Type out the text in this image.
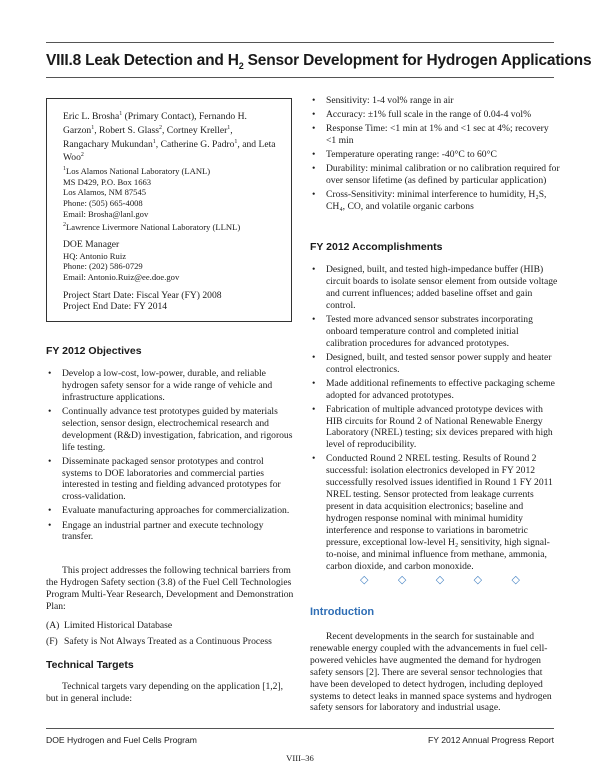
VIII.8 Leak Detection and $H_2$ Sensor Development for Hydrogen Applications

Eric L. Brosha$^1$ (Primary Contact), Fernando H. Garzon$^1$, Robert S. Glass$^2$, Cortney Kreller$^1$, Rangachary Mukundan$^1$, Catherine G. Padro$^1$, and Leta Woo$^2$

$^1$Los Alamos National Laboratory (LANL)

MS D429, P.O. Box 1663

Los Alamos, NM 87545

Phone: (505) 665-4008

Email: Brosha@lanl.gov

$^2$Lawrence Livermore National Laboratory (LLNL)

DOE Manager

HQ: Antonio Ruiz

Phone: (202) 586-0729

Email: Antonio.Ruiz@ee.doe.gov

Project Start Date: Fiscal Year (FY) 2008

Project End Date: FY 2014

FY 2012 Objectives

• Develop a low-cost, low-power, durable, and reliable hydrogen safety sensor for a wide range of vehicle and infrastructure applications.
• Continually advance test prototypes guided by materials selection, sensor design, electrochemical research and development (R&D) investigation, fabrication, and rigorous life testing.
• Disseminate packaged sensor prototypes and control systems to DOE laboratories and commercial parties interested in testing and fielding advanced prototypes for cross-validation.
• Evaluate manufacturing approaches for commercialization.
• Engage an industrial partner and execute technology transfer.

This project addresses the following technical barriers from the Hydrogen Safety section (3.8) of the Fuel Cell Technologies Program Multi-Year Research, Development and Demonstration Plan:

(A) Limited Historical Database
(F) Safety is Not Always Treated as a Continuous Process

Technical Targets

Technical targets vary depending on the application [1,2], but in general include:

• Sensitivity: 1-4 vol% range in air
• Accuracy: ±1% full scale in the range of 0.04-4 vol%
• Response Time: <1 min at 1% and <1 sec at 4%; recovery <1 min
• Temperature operating range: -40°C to 60°C
• Durability: minimal calibration or no calibration required for over sensor lifetime (as defined by particular application)
• Cross-Sensitivity: minimal interference to humidity, H₂S, CH₄, CO, and volatile organic carbons

FY 2012 Accomplishments

• Designed, built, and tested high-impedance buffer (HIB) circuit boards to isolate sensor element from outside voltage and current influences; added baseline offset and gain control.
• Tested more advanced sensor substrates incorporating onboard temperature control and completed initial calibration procedures for advanced prototypes.
• Designed, built, and tested sensor power supply and heater control electronics.
• Made additional refinements to effective packaging scheme adopted for advanced prototypes.
• Fabrication of multiple advanced prototype devices with HIB circuits for Round 2 of National Renewable Energy Laboratory (NREL) testing; six devices prepared with high level of reproducibility.
• Conducted Round 2 NREL testing. Results of Round 2 successful: isolation electronics developed in FY 2012 successfully resolved issues identified in Round 1 FY 2011 NREL testing. Sensor protected from leakage currents present in data acquisition electronics; baseline and hydrogen response nominal with minimal humidity interference and response to variations in barometric pressure, exceptional low-level H₂ sensitivity, high signal-to-noise, and minimal influence from methane, ammonia, carbon dioxide, and carbon monoxide.
◇	◇	◇	◇	◇
Introduction

Recent developments in the search for sustainable and renewable energy coupled with the advancements in fuel cell-powered vehicles have augmented the demand for hydrogen safety sensors [2]. There are several sensor technologies that have been developed to detect hydrogen, including deployed systems to detect leaks in manned space systems and hydrogen safety sensors for laboratory and industrial usage.

DOE Hydrogen and Fuel Cells Program	FY 2012 Annual Progress Report
VIII–36
